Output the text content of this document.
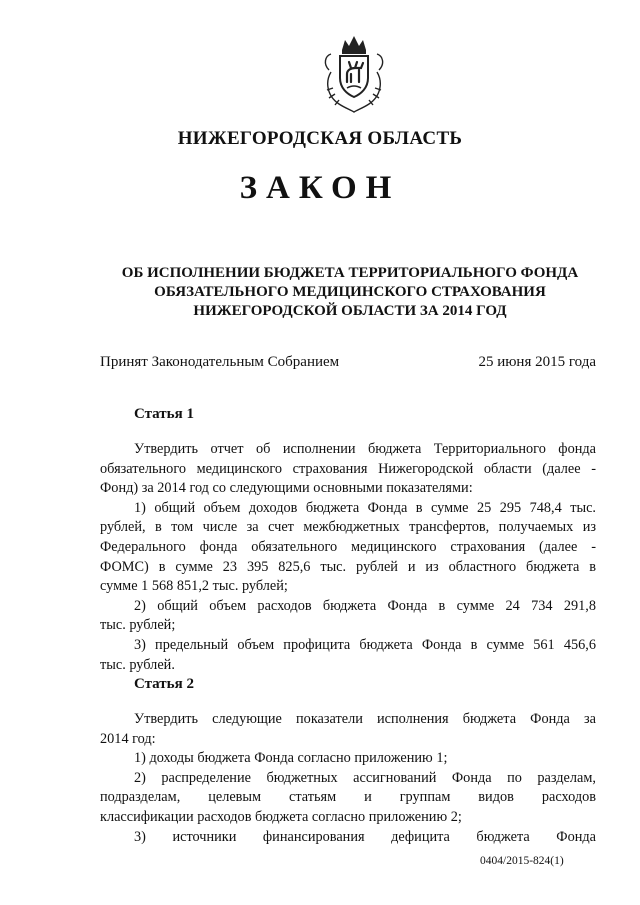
НИЖЕГОРОДСКАЯ ОБЛАСТЬ
ЗАКОН
ОБ ИСПОЛНЕНИИ БЮДЖЕТА ТЕРРИТОРИАЛЬНОГО ФОНДА
ОБЯЗАТЕЛЬНОГО МЕДИЦИНСКОГО СТРАХОВАНИЯ
НИЖЕГОРОДСКОЙ ОБЛАСТИ ЗА 2014 ГОД
Принят Законодательным Собранием	25 июня 2015 года
Статья 1
Утвердить отчет об исполнении бюджета Территориального фонда
обязательного медицинского страхования Нижегородской области (далее -
Фонд) за 2014 год со следующими основными показателями:
1) общий объем доходов бюджета Фонда в сумме 25 295 748,4 тыс.
рублей, в том числе за счет межбюджетных трансфертов, получаемых из
Федерального фонда обязательного медицинского страхования (далее -
ФОМС) в сумме 23 395 825,6 тыс. рублей и из областного бюджета в
сумме 1 568 851,2 тыс. рублей;
2) общий объем расходов бюджета Фонда в сумме 24 734 291,8
тыс. рублей;
3) предельный объем профицита бюджета Фонда в сумме 561 456,6
тыс. рублей.
Статья 2
Утвердить следующие показатели исполнения бюджета Фонда за
2014 год:
1) доходы бюджета Фонда согласно приложению 1;
2) распределение бюджетных ассигнований Фонда по разделам,
подразделам, целевым статьям и группам видов расходов
классификации расходов бюджета согласно приложению 2;
3) источники финансирования дефицита бюджета Фонда
0404/2015-824(1)
